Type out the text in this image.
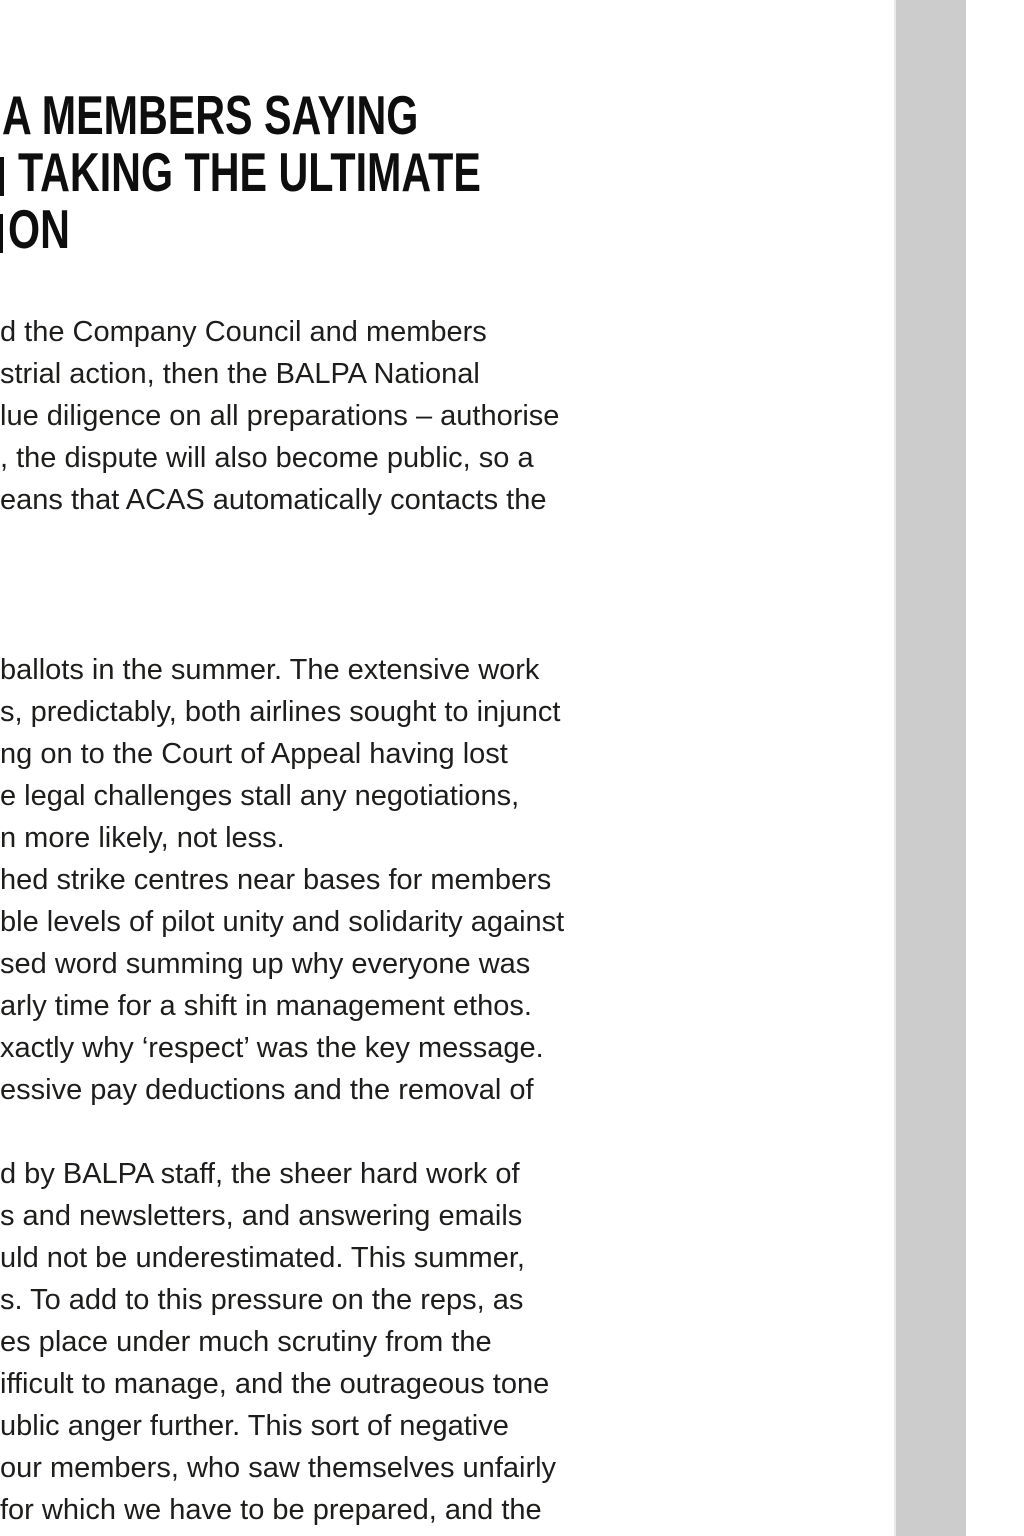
A MEMBERS SAYING
TAKING THE ULTIMATE
ON
d the Company Council and members
strial action, then the BALPA National
lue diligence on all preparations – authorise
, the dispute will also become public, so a
eans that ACAS automatically contacts the
ballots in the summer. The extensive work
s, predictably, both airlines sought to injunct
ng on to the Court of Appeal having lost
e legal challenges stall any negotiations,
n more likely, not less.
hed strike centres near bases for members
ble levels of pilot unity and solidarity against
sed word summing up why everyone was
arly time for a shift in management ethos.
xactly why ‘respect’ was the key message.
essive pay deductions and the removal of
d by BALPA staff, the sheer hard work of
s and newsletters, and answering emails
uld not be underestimated. This summer,
s. To add to this pressure on the reps, as
es place under much scrutiny from the
ifficult to manage, and the outrageous tone
ublic anger further. This sort of negative
our members, who saw themselves unfairly
for which we have to be prepared, and the
